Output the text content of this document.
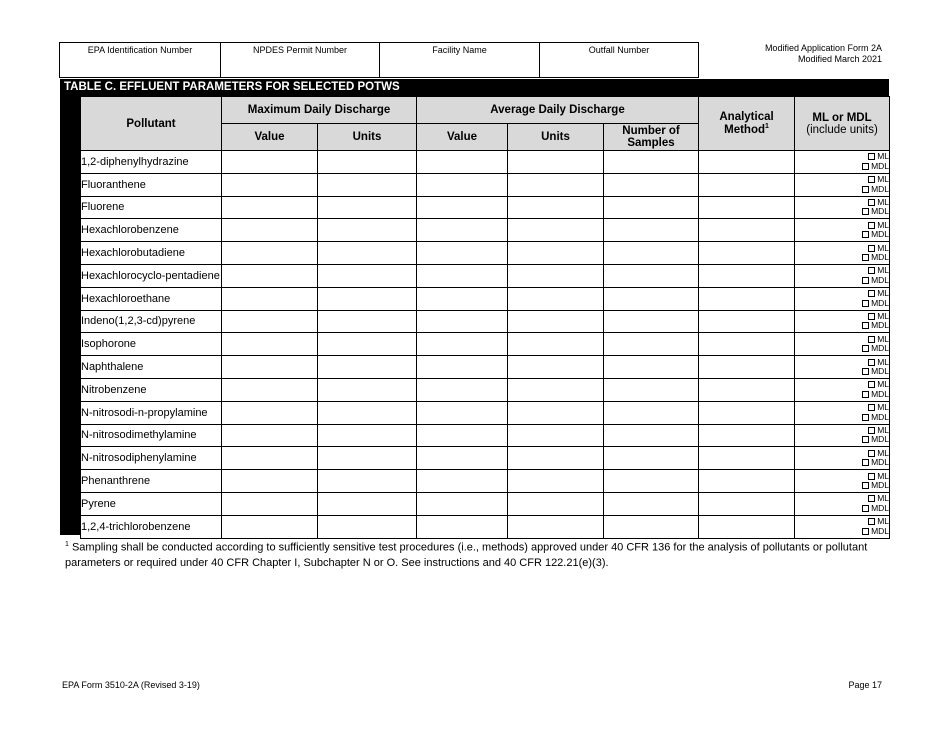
EPA Identification Number	NPDES Permit Number	Facility Name	Outfall Number	Modified Application Form 2A
Modified March 2021
TABLE C. EFFLUENT PARAMETERS FOR SELECTED POTWS
Pollutant	Maximum Daily Discharge		Average Daily Discharge			Analytical Method$^1$	ML or MDL
(include units)

	Value	Units	Value	Units	Number of Samples		
1,2-diphenylhydrazine							ML
MDL

Fluoranthene							ML
MDL

Fluorene							ML
MDL

Hexachlorobenzene							ML
MDL

Hexachlorobutadiene							ML
MDL

Hexachlorocyclo-pentadiene							ML
MDL

Hexachloroethane							ML
MDL

Indeno(1,2,3-cd)pyrene							ML
MDL

Isophorone							ML
MDL

Naphthalene							ML
MDL

Nitrobenzene							ML
MDL

N-nitrosodi-n-propylamine							ML
MDL

N-nitrosodimethylamine							ML
MDL

N-nitrosodiphenylamine							ML
MDL

Phenanthrene							ML
MDL

Pyrene							ML
MDL

1,2,4-trichlorobenzene							ML
MDL
$^1$ Sampling shall be conducted according to sufficiently sensitive test procedures (i.e., methods) approved under 40 CFR 136 for the analysis of pollutants or pollutant parameters or required under 40 CFR Chapter I, Subchapter N or O. See instructions and 40 CFR 122.21(e)(3).
EPA Form 3510-2A (Revised 3-19)	Page 17
